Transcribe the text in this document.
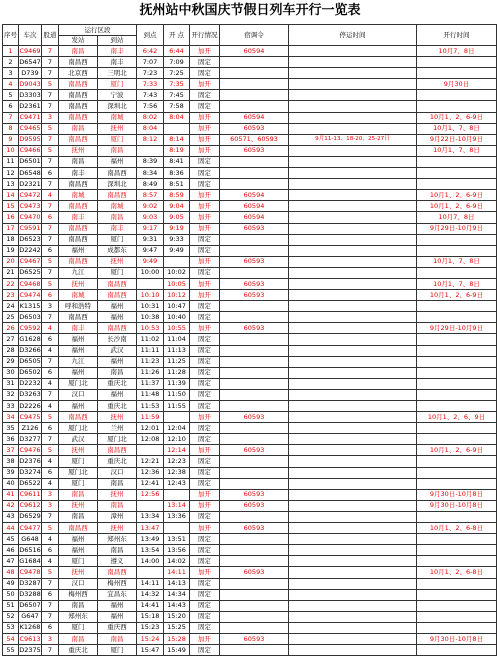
抚州站中秋国庆节假日列车开行一览表
序号	车次	股道	运行区段		到点	开 点	开行情况	宿调令	停运时间	开行时间
			发站	到站						
1	C9469	7	南昌	南丰	6:42	6:44	加开	60594		10月7、8日
2	D6547	7	南昌西	南丰	7:07	7:09	固定			
3	D739	7	北京西	三明北	7:23	7:25	固定			
4	D9043	5	南昌西	厦门	7:33	7:35	加开			9月30日
5	D3303	7	南昌西	宁波	7:43	7:45	固定			
6	D2361	7	南昌西	深圳北	7:56	7:58	固定			
7	C9471	3	南昌西	南城	8:02	8:04	加开	60594		10月1、2、6-9日
8	C9465	5	南昌	抚州	8:04		加开	60593		10月1、7、8日
9	D9595	7	南昌西	厦门	8:12	8:14	加开	60571、60593	9月11-13、18-20、25-27日	9月22日-10月9日
10	C9466	5	抚州	南昌		8:19	加开	60593		10月1、7、8日
11	D6501	7	南昌	福州	8:39	8:41	固定			
12	D6548	6	南丰	南昌西	8:34	8:36	固定			
13	D2321	7	南昌西	深圳北	8:49	8:51	固定			
14	C9472	4	南城	南昌西	8:57	8:59	加开	60594		10月1、2、6-9日
15	C9473	7	南昌西	南城	9:02	9:04	加开	60594		10月1、2、6-9日
16	C9470	6	南丰	南昌	9:03	9:05	加开	60594		10月7、8日
17	C9591	7	南昌西	南丰	9:17	9:19	加开	60593		9月29日-10月9日
18	D6523	7	南昌西	厦门	9:31	9:33	固定			
19	D2242	6	福州	成都东	9:47	9:49	固定			
20	C9467	5	南昌西	抚州	9:49		加开	60593		10月1、7、8日
21	D6525	7	九江	厦门	10:00	10:02	固定			
22	C9468	5	抚州	南昌西		10:05	加开	60593		10月1、7、8日
23	C9474	6	南城	南昌西	10:10	10:12	加开	60593		10月1、2、6-9日
24	K1315	3	呼和浩特	福州	10:31	10:47	固定			
25	D6503	7	南昌西	福州	10:38	10:40	固定			
26	C9592	4	南丰	南昌西	10:53	10:55	加开	60593		9月29日-10月9日
27	G1628	6	福州	长沙南	11:02	11:04	固定			
28	D3266	4	福州	武汉	11:11	11:13	固定			
29	D6505	7	九江	福州	11:23	11:25	固定			
30	D6502	6	福州	南昌	11:26	11:28	固定			
31	D2232	4	厦门北	重庆北	11:37	11:39	固定			
32	D3263	7	汉口	福州	11:48	11:50	固定			
33	D2226	4	福州	重庆北	11:53	11:55	固定			
34	C9475	5	南昌西	抚州	11:59		加开	60593		10月1、2、6、9日
35	Z126	6	厦门北	兰州	12:01	12:04	固定			
36	D3277	7	武汉	厦门北	12:08	12:10	固定			
37	C9476	5	抚州	南昌西		12:14	加开	60593		10月1、2、6-9日
38	D2376	4	厦门	重庆北	12:21	12:23	固定			
39	D3274	6	厦门北	汉口	12:36	12:38	固定			
40	D6522	4	厦门	南昌	12:41	12:43	固定			
41	C9611	3	南昌	抚州	12:56		加开	60593		9月30日-10月8日
42	C9612	3	抚州	南昌		13:14	加开	60593		9月30日-10月8日
43	D6529	7	南昌	漳州	13:34	13:36	固定			
44	C9477	5	南昌西	抚州	13:47		加开	60593		10月1、2、6-8日
45	G648	4	福州	郑州东	13:49	13:51	固定			
46	D6516	6	福州	南昌	13:54	13:56	固定			
47	G1684	4	厦门	遵义	14:00	14:02	固定			
48	C9478	5	抚州	南昌西		14:11	加开	60593		10月1、2、6-8日
49	D3287	7	汉口	梅州西	14:11	14:13	固定			
50	D3288	6	梅州西	宜昌东	14:32	14:34	固定			
51	D6507	7	南昌	福州	14:41	14:43	固定			
52	G647	7	郑州东	福州	15:18	15:20	固定			
53	K1268	6	厦门	重庆西	15:23	15:25	固定			
54	C9613	3	南昌	南昌	15:24	15:28	加开	60593		9月30日-10月8日
55	D2375	7	重庆北	厦门	15:47	15:49	固定			
